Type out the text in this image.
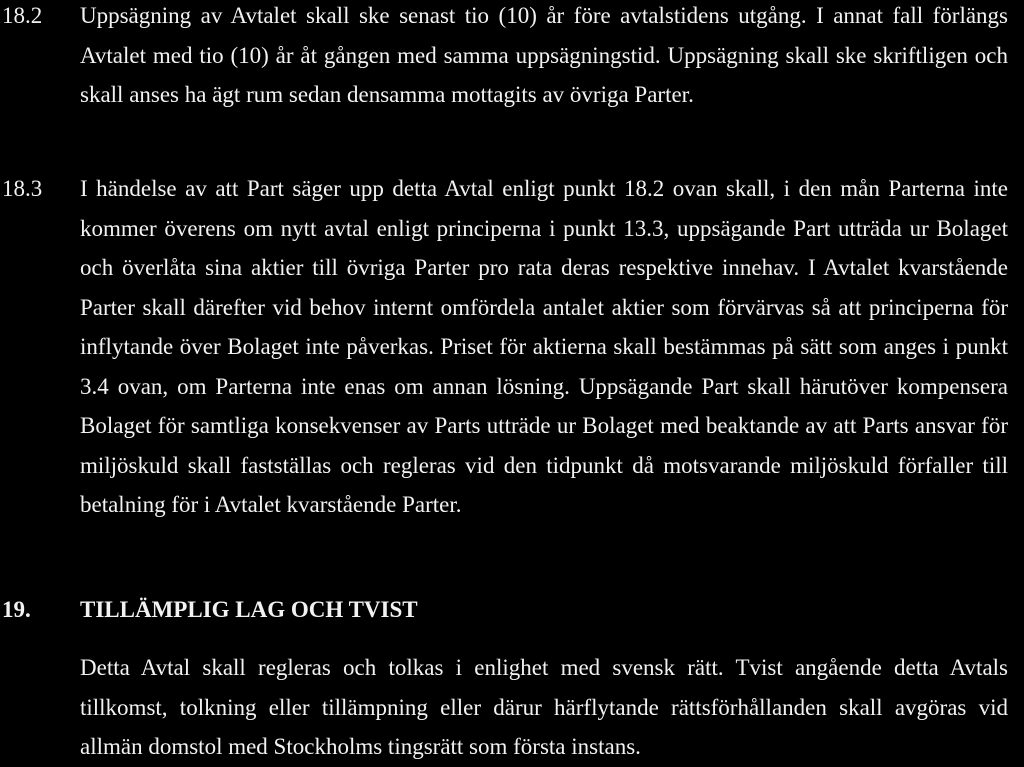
18.2 Uppsägning av Avtalet skall ske senast tio (10) år före avtalstidens utgång. I annat fall förlängs Avtalet med tio (10) år åt gången med samma uppsägningstid. Uppsägning skall ske skriftligen och skall anses ha ägt rum sedan densamma mottagits av övriga Parter.
18.3 I händelse av att Part säger upp detta Avtal enligt punkt 18.2 ovan skall, i den mån Parterna inte kommer överens om nytt avtal enligt principerna i punkt 13.3, uppsägande Part utträda ur Bolaget och överlåta sina aktier till övriga Parter pro rata deras respektive innehav. I Avtalet kvarstående Parter skall därefter vid behov internt omfördela antalet aktier som förvärvas så att principerna för inflytande över Bolaget inte påverkas. Priset för aktierna skall bestämmas på sätt som anges i punkt 3.4 ovan, om Parterna inte enas om annan lösning. Uppsägande Part skall härutöver kompensera Bolaget för samtliga konsekvenser av Parts utträde ur Bolaget med beaktande av att Parts ansvar för miljöskuld skall fastställas och regleras vid den tidpunkt då motsvarande miljöskuld förfaller till betalning för i Avtalet kvarstående Parter.
19. TILLÄMPLIG LAG OCH TVIST
Detta Avtal skall regleras och tolkas i enlighet med svensk rätt. Tvist angående detta Avtals tillkomst, tolkning eller tillämpning eller därur härflytande rättsförhållanden skall avgöras vid allmän domstol med Stockholms tingsrätt som första instans.
